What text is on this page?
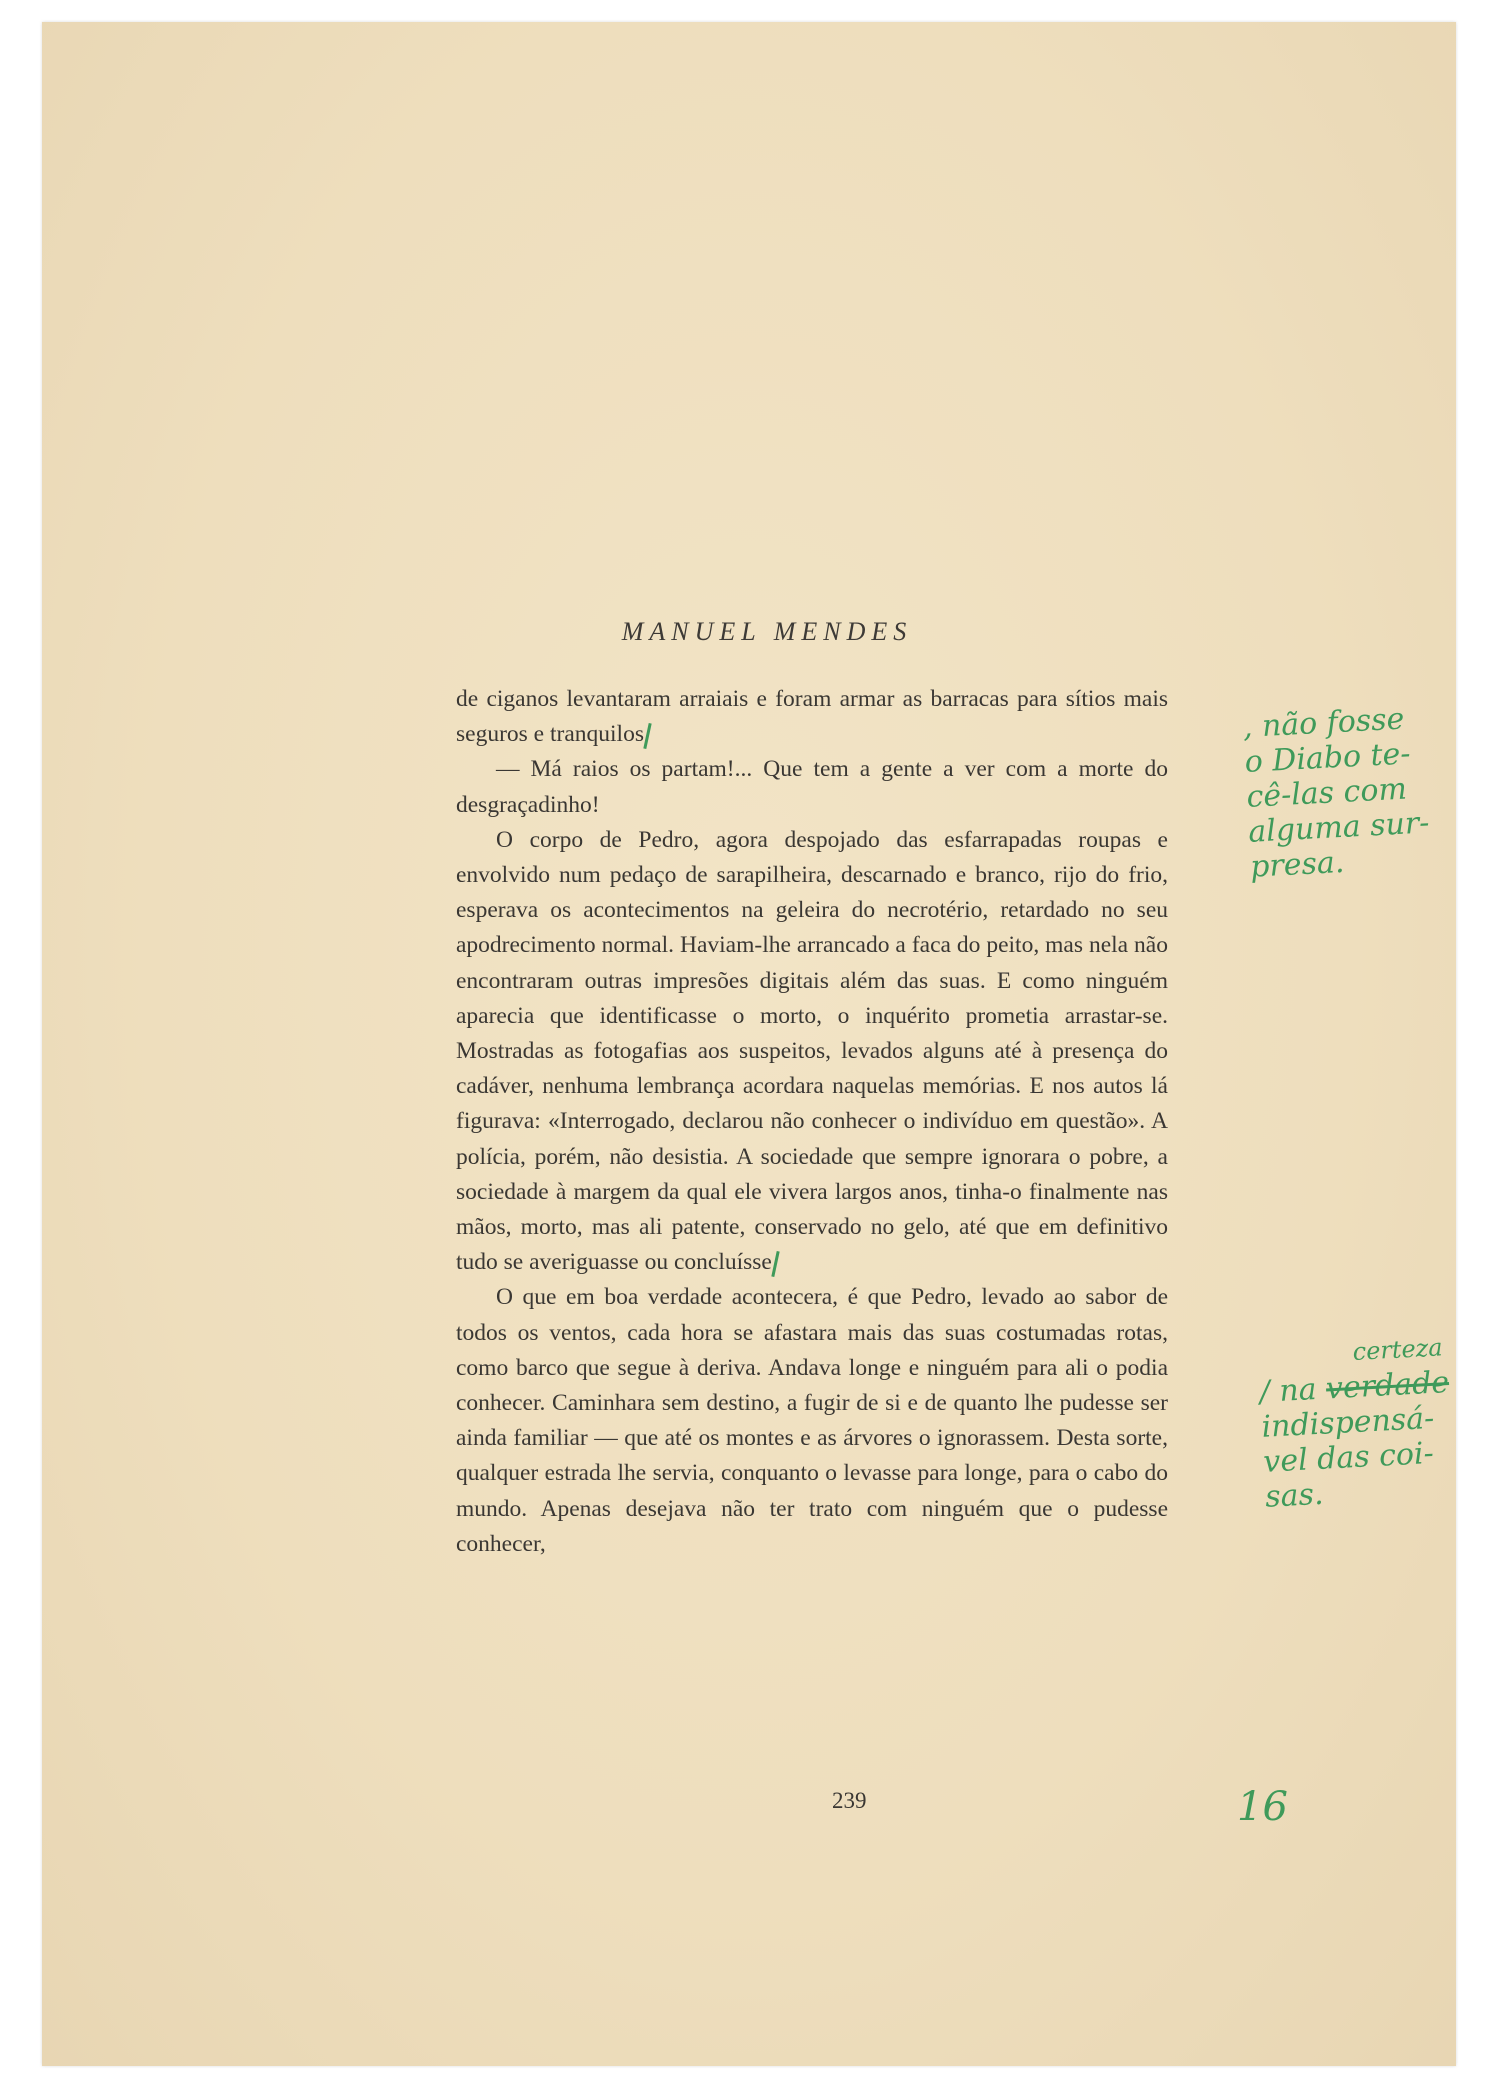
MANUEL MENDES

de ciganos levantaram arraiais e foram armar as barracas para sítios mais seguros e tranquilos

— Má raios os partam!... Que tem a gente a ver com a morte do desgraçadinho!

O corpo de Pedro, agora despojado das esfarrapadas roupas e envolvido num pedaço de sarapilheira, descarnado e branco, rijo do frio, esperava os acontecimentos na geleira do necrotério, retardado no seu apodrecimento normal. Haviam-lhe arrancado a faca do peito, mas nela não encontraram outras impresões digitais além das suas. E como ninguém aparecia que identificasse o morto, o inquérito prometia arrastar-se. Mostradas as fotogafias aos suspeitos, levados alguns até à presença do cadáver, nenhuma lembrança acordara naquelas memórias. E nos autos lá figurava: «Interrogado, declarou não conhecer o indivíduo em questão». A polícia, porém, não desistia. A sociedade que sempre ignorara o pobre, a sociedade à margem da qual ele vivera largos anos, tinha-o finalmente nas mãos, morto, mas ali patente, conservado no gelo, até que em definitivo tudo se averiguasse ou concluísse

O que em boa verdade acontecera, é que Pedro, levado ao sabor de todos os ventos, cada hora se afastara mais das suas costumadas rotas, como barco que segue à deriva. Andava longe e ninguém para ali o podia conhecer. Caminhara sem destino, a fugir de si e de quanto lhe pudesse ser ainda familiar — que até os montes e as árvores o ignorassem. Desta sorte, qualquer estrada lhe servia, conquanto o levasse para longe, para o cabo do mundo. Apenas desejava não ter trato com ninguém que o pudesse conhecer,

239
, não fosse
o Diabo te-
cê-las com
alguma sur-
presa.
certeza
/ na verdade
indispensá-
vel das coi-
sas.
16
